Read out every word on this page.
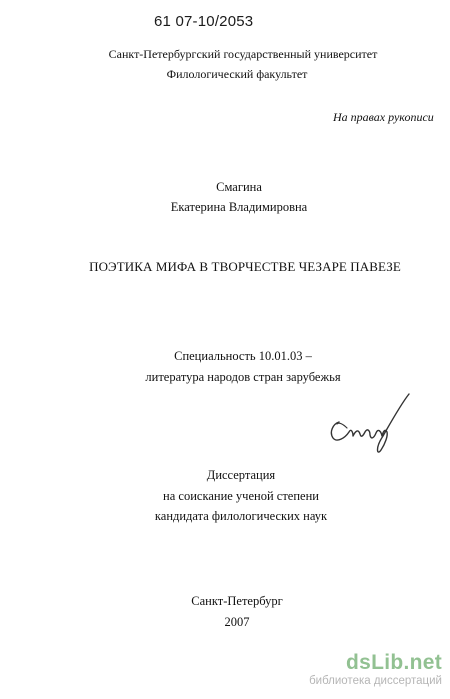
61 07-10/2053
Санкт-Петербургский государственный университет
Филологический факультет
На правах рукописи
Смагина
Екатерина Владимировна
ПОЭТИКА МИФА В ТВОРЧЕСТВЕ ЧЕЗАРЕ ПАВЕЗЕ
Специальность 10.01.03 –
литература народов стран зарубежья
Диссертация
на соискание ученой степени
кандидата филологических наук
Санкт-Петербург
2007
dsLib.net
библиотека диссертаций
